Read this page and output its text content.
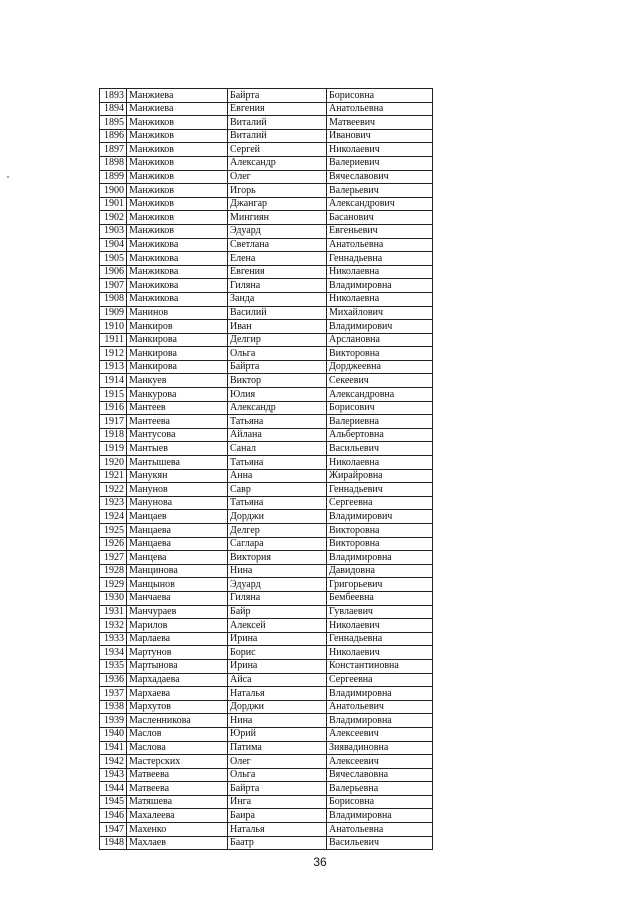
1893	Манжиева	Байрта	Борисовна
1894	Манжиева	Евгения	Анатольевна
1895	Манжиков	Виталий	Матвеевич
1896	Манжиков	Виталий	Иванович
1897	Манжиков	Сергей	Николаевич
1898	Манжиков	Александр	Валериевич
1899	Манжиков	Олег	Вячеславович
1900	Манжиков	Игорь	Валерьевич
1901	Манжиков	Джангар	Александрович
1902	Манжиков	Мингиян	Басанович
1903	Манжиков	Эдуард	Евгеньевич
1904	Манжикова	Светлана	Анатольевна
1905	Манжикова	Елена	Геннадьевна
1906	Манжикова	Евгения	Николаевна
1907	Манжикова	Гиляна	Владимировна
1908	Манжикова	Занда	Николаевна
1909	Манинов	Василий	Михайлович
1910	Манкиров	Иван	Владимирович
1911	Манкирова	Делгир	Арслановна
1912	Манкирова	Ольга	Викторовна
1913	Манкирова	Байрта	Дорджеевна
1914	Манкуев	Виктор	Секеевич
1915	Манкурова	Юлия	Александровна
1916	Мантеев	Александр	Борисович
1917	Мантеева	Татьяна	Валериевна
1918	Мантусова	Айлана	Альбертовна
1919	Мантыев	Санал	Васильевич
1920	Мантышева	Татьяна	Николаевна
1921	Манукян	Анна	Жирайровна
1922	Манунов	Савр	Геннадьевич
1923	Манунова	Татьяна	Сергеевна
1924	Манцаев	Дорджи	Владимирович
1925	Манцаева	Делгер	Викторовна
1926	Манцаева	Саглара	Викторовна
1927	Манцева	Виктория	Владимировна
1928	Манцинова	Нина	Давидовна
1929	Манцынов	Эдуард	Григорьевич
1930	Манчаева	Гиляна	Бембеевна
1931	Манчураев	Байр	Гувлаевич
1932	Марилов	Алексей	Николаевич
1933	Марлаева	Ирина	Геннадьевна
1934	Мартунов	Борис	Николаевич
1935	Мартынова	Ирина	Константиновна
1936	Мархадаева	Айса	Сергеевна
1937	Мархаева	Наталья	Владимировна
1938	Мархутов	Дорджи	Анатольевич
1939	Масленникова	Нина	Владимировна
1940	Маслов	Юрий	Алексеевич
1941	Маслова	Патима	Зиявадиновна
1942	Мастерских	Олег	Алексеевич
1943	Матвеева	Ольга	Вячеславовна
1944	Матвеева	Байрта	Валерьевна
1945	Матяшева	Инга	Борисовна
1946	Махалеева	Баира	Владимировна
1947	Махенко	Наталья	Анатольевна
1948	Махлаев	Баатр	Васильевич
36
